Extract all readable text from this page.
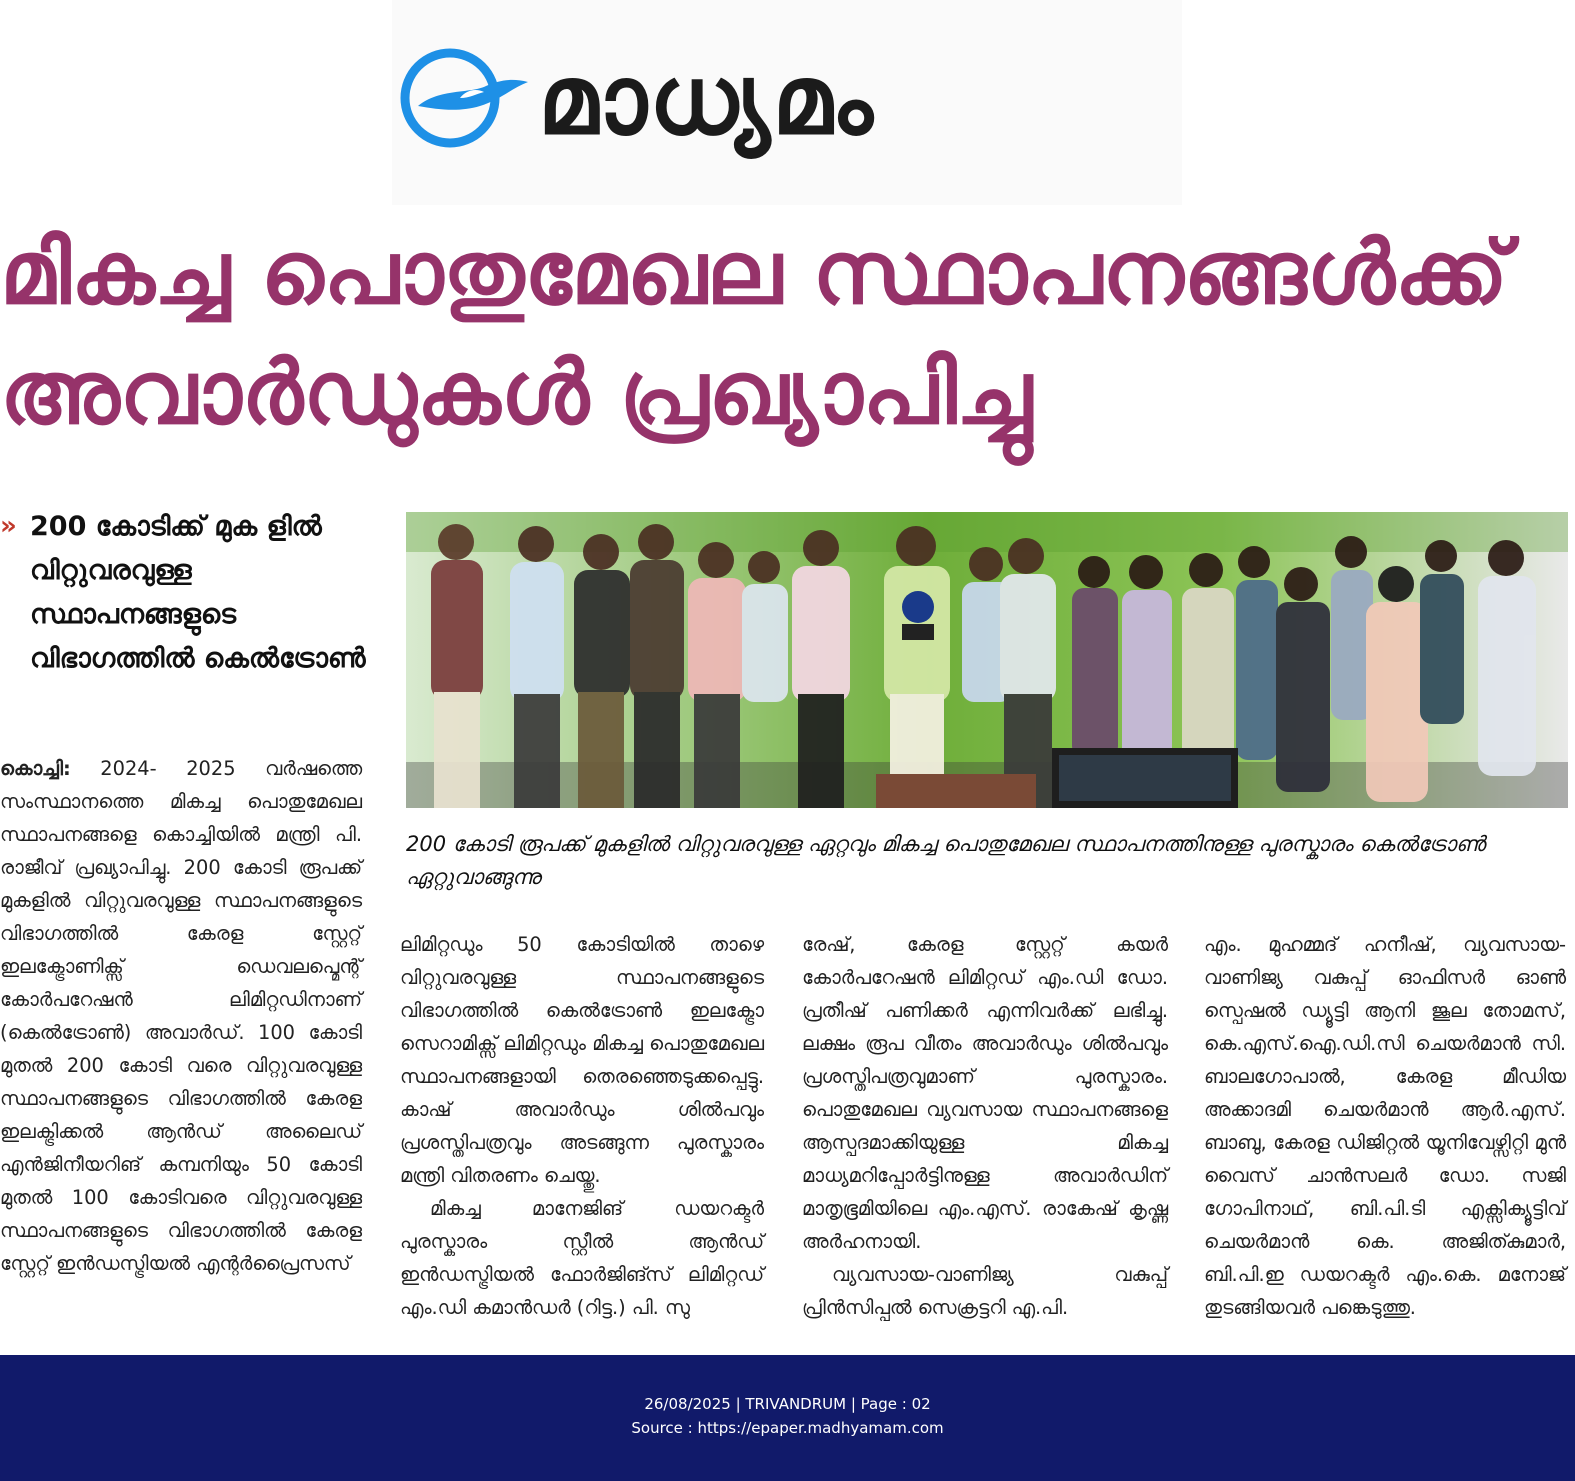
മാധ്യമം
മികച്ച പൊതുമേഖല സ്ഥാപനങ്ങൾക്ക്
അവാർഡുകൾ പ്രഖ്യാപിച്ചു
» 200 കോടിക്ക് മുക ളിൽ വിറ്റുവരവുള്ള സ്ഥാപനങ്ങളുടെ വിഭാഗത്തിൽ കെൽട്രോൺ
200 കോടി രൂപക്ക് മുകളിൽ വിറ്റുവരവുള്ള ഏറ്റവും മികച്ച പൊതുമേഖല സ്ഥാപനത്തിനുള്ള പുരസ്കാരം കെൽട്രോൺ ഏറ്റുവാങ്ങുന്നു
കൊച്ചി: 2024- 2025 വർഷത്തെ സംസ്ഥാനത്തെ മികച്ച പൊതുമേഖല സ്ഥാപനങ്ങളെ കൊച്ചിയിൽ മന്ത്രി പി. രാജീവ് പ്രഖ്യാപിച്ചു. 200 കോടി രൂപക്ക് മുകളിൽ വിറ്റുവരവുള്ള സ്ഥാപനങ്ങളുടെ വിഭാഗത്തിൽ കേരള സ്റ്റേറ്റ് ഇലക്ട്രോണിക്സ് ഡെവലപ്മെന്റ് കോർപറേഷൻ ലിമിറ്റഡിനാണ് (കെൽട്രോൺ) അവാർഡ്. 100 കോടി മുതൽ 200 കോടി വരെ വിറ്റുവരവുള്ള സ്ഥാപനങ്ങളുടെ വിഭാഗത്തിൽ കേരള ഇലക്ട്രിക്കൽ ആൻഡ് അലൈഡ് എൻജിനീയറിങ് കമ്പനിയും 50 കോടി മുതൽ 100 കോടിവരെ വിറ്റുവരവുള്ള സ്ഥാപനങ്ങളുടെ വിഭാഗത്തിൽ കേരള സ്റ്റേറ്റ് ഇൻഡസ്ട്രിയൽ എന്റർപ്രൈസസ്
ലിമിറ്റഡും 50 കോടിയിൽ താഴെ വിറ്റുവരവുള്ള സ്ഥാപനങ്ങളുടെ വിഭാഗത്തിൽ കെൽട്രോൺ ഇലക്ട്രോ സെറാമിക്സ് ലിമിറ്റഡും മികച്ച പൊതുമേഖല സ്ഥാപനങ്ങളായി തെരഞ്ഞെടുക്കപ്പെട്ടു. കാഷ് അവാർഡും ശിൽപവും പ്രശസ്തിപത്രവും അടങ്ങുന്ന പുരസ്കാരം മന്ത്രി വിതരണം ചെയ്തു.
മികച്ച മാനേജിങ് ഡയറക്ടർ പുരസ്കാരം സ്റ്റീൽ ആൻഡ് ഇൻഡസ്ട്രിയൽ ഫോർജിങ്സ് ലിമിറ്റഡ് എം.ഡി കമാൻഡർ (റിട്ട.) പി. സു
രേഷ്, കേരള സ്റ്റേറ്റ് കയർ കോർപറേഷൻ ലിമിറ്റഡ് എം.ഡി ഡോ. പ്രതീഷ് പണിക്കർ എന്നിവർക്ക് ലഭിച്ചു. ലക്ഷം രൂപ വീതം അവാർഡും ശിൽപവും പ്രശസ്തിപത്രവുമാണ് പുരസ്കാരം. പൊതുമേഖല വ്യവസായ സ്ഥാപനങ്ങളെ ആസ്പദമാക്കിയുള്ള മികച്ച മാധ്യമറിപ്പോർട്ടിനുള്ള അവാർഡിന് മാതൃഭൂമിയിലെ എം.എസ്. രാകേഷ് കൃഷ്ണ അർഹനായി.
വ്യവസായ-വാണിജ്യ വകുപ്പ് പ്രിൻസിപ്പൽ സെക്രട്ടറി എ.പി.
എം. മുഹമ്മദ് ഹനീഷ്, വ്യവസായ-വാണിജ്യ വകുപ്പ് ഓഫിസർ ഓൺ സ്പെഷൽ ഡ്യൂട്ടി ആനി ജൂല തോമസ്, കെ.എസ്.ഐ.ഡി.സി ചെയർമാൻ സി. ബാലഗോപാൽ, കേരള മീഡിയ അക്കാദമി ചെയർമാൻ ആർ.എസ്. ബാബു, കേരള ഡിജിറ്റൽ യൂനിവേഴ്സിറ്റി മുൻ വൈസ് ചാൻസലർ ഡോ. സജി ഗോപിനാഥ്, ബി.പി.ടി എക്സിക്യൂട്ടിവ് ചെയർമാൻ കെ. അജിത്കുമാർ, ബി.പി.ഇ ഡയറക്ടർ എം.കെ. മനോജ് തുടങ്ങിയവർ പങ്കെടുത്തു.
26/08/2025 | TRIVANDRUM | Page : 02
Source : https://epaper.madhyamam.com
